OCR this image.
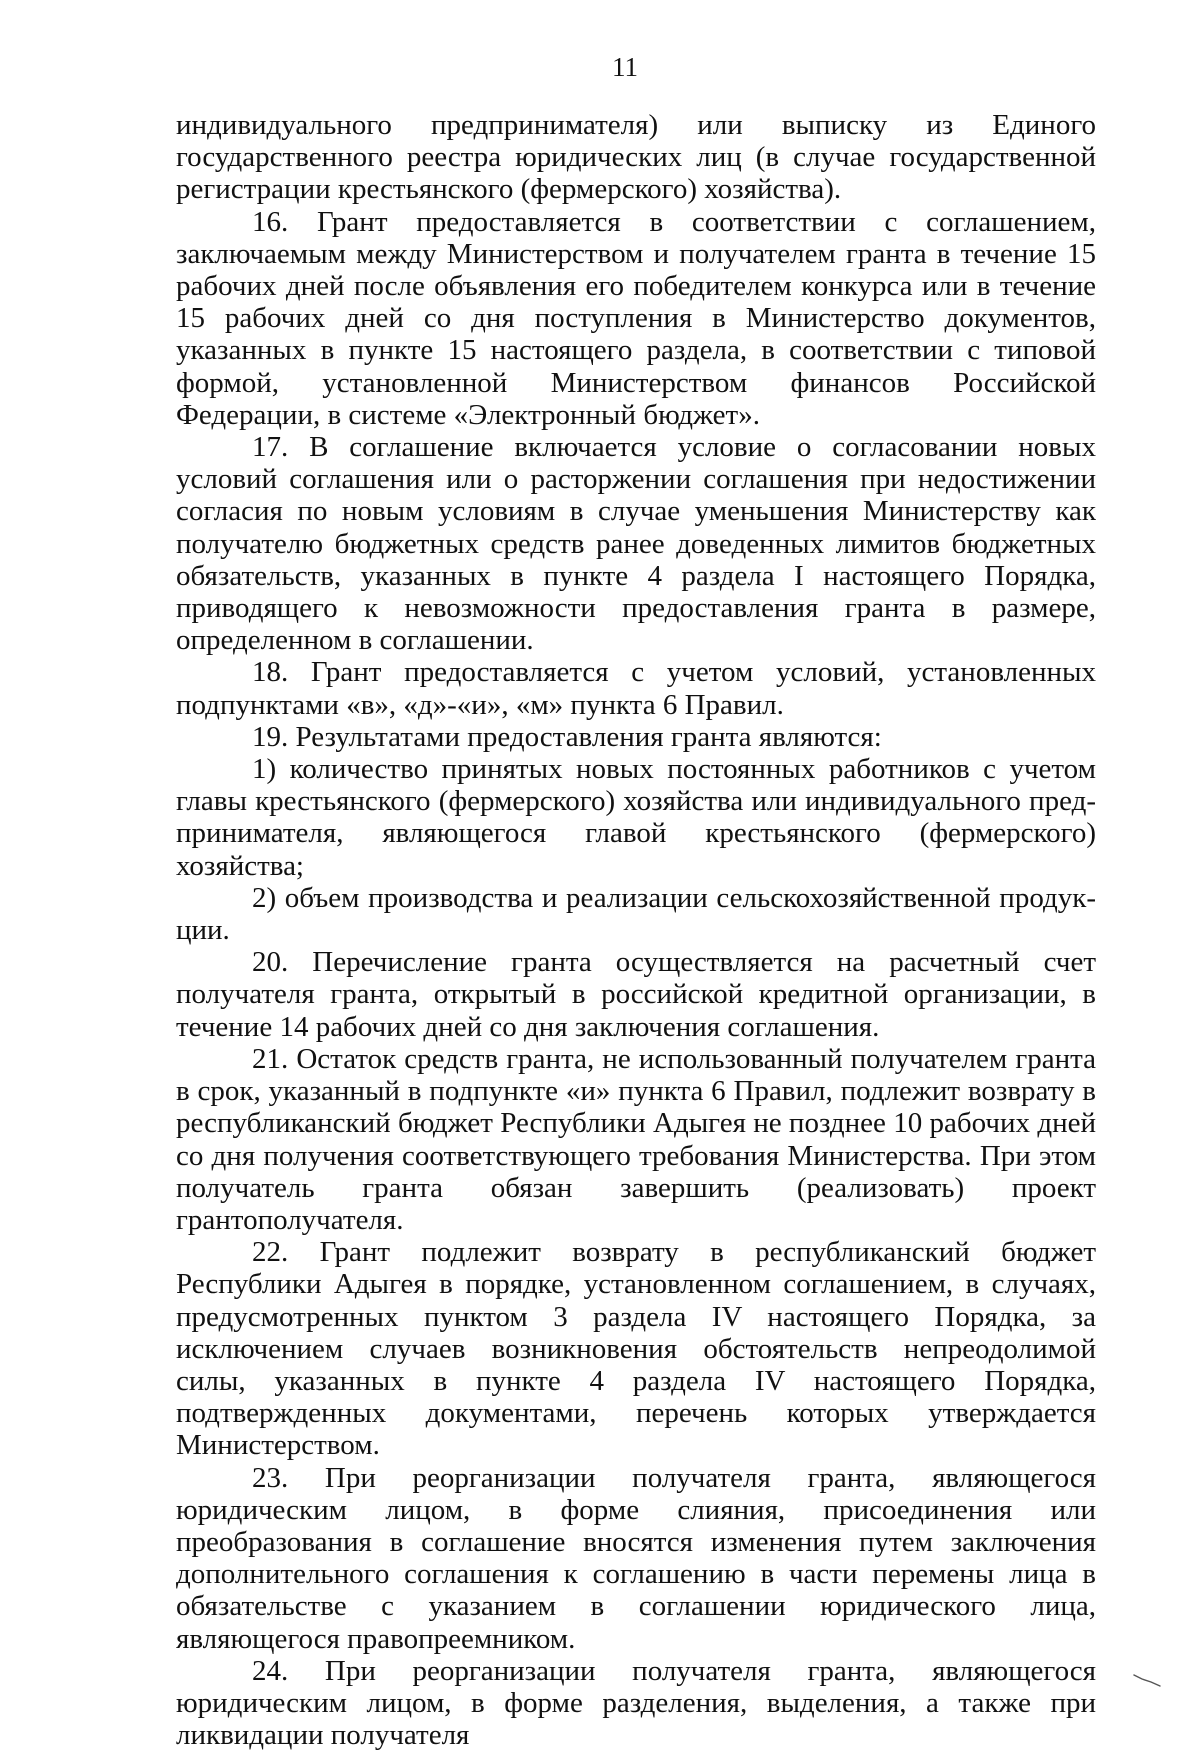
11

индивидуального предпринимателя) или выписку из Единого государственного реестра юридических лиц (в случае государственной регистрации крестьянского (фермерского) хозяйства).

16. Грант предоставляется в соответствии с соглашением, заключаемым между Министерством и получателем гранта в течение 15 рабочих дней после объявления его победителем конкурса или в течение 15 рабочих дней со дня поступления в Министерство документов, указанных в пункте 15 настоящего раздела, в соответствии с типовой формой, установленной Министерством финансов Российской Федерации, в системе «Электронный бюджет».

17. В соглашение включается условие о согласовании новых условий соглашения или о расторжении соглашения при недостижении согласия по новым условиям в случае уменьшения Министерству как получателю бюджетных средств ранее доведенных лимитов бюджетных обязательств, указанных в пункте 4 раздела I настоящего Порядка, приводящего к невозможности предоставления гранта в размере, определенном в соглашении.

18. Грант предоставляется с учетом условий, установленных подпунктами «в», «д»-«и», «м» пункта 6 Правил.

19. Результатами предоставления гранта являются:

1) количество принятых новых постоянных работников с учетом главы крестьянского (фермерского) хозяйства или индивидуального предпринимателя, являющегося главой крестьянского (фермерского) хозяйства;

2) объем производства и реализации сельскохозяйственной продукции.

20. Перечисление гранта осуществляется на расчетный счет получателя гранта, открытый в российской кредитной организации, в течение 14 рабочих дней со дня заключения соглашения.

21. Остаток средств гранта, не использованный получателем гранта в срок, указанный в подпункте «и» пункта 6 Правил, подлежит возврату в республиканский бюджет Республики Адыгея не позднее 10 рабочих дней со дня получения соответствующего требования Министерства. При этом получатель гранта обязан завершить (реализовать) проект грантополучателя.

22. Грант подлежит возврату в республиканский бюджет Республики Адыгея в порядке, установленном соглашением, в случаях, предусмотренных пунктом 3 раздела IV настоящего Порядка, за исключением случаев возникновения обстоятельств непреодолимой силы, указанных в пункте 4 раздела IV настоящего Порядка, подтвержденных документами, перечень которых утверждается Министерством.

23. При реорганизации получателя гранта, являющегося юридическим лицом, в форме слияния, присоединения или преобразования в соглашение вносятся изменения путем заключения дополнительного соглашения к соглашению в части перемены лица в обязательстве с указанием в соглашении юридического лица, являющегося правопреемником.

24. При реорганизации получателя гранта, являющегося юридическим лицом, в форме разделения, выделения, а также при ликвидации получателя
